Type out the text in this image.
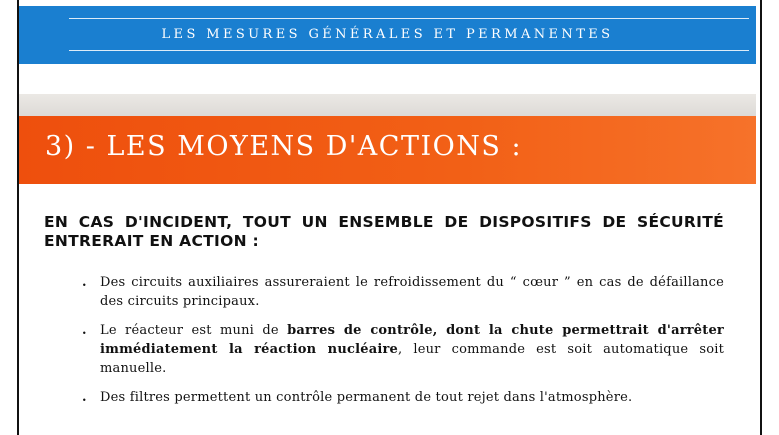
LES MESURES GÉNÉRALES ET PERMANENTES
3) - LES MOYENS D'ACTIONS :

EN CAS D'INCIDENT, TOUT UN ENSEMBLE DE DISPOSITIFS DE SÉCURITÉ ENTRERAIT EN ACTION :

. Des circuits auxiliaires assureraient le refroidissement du “ cœur ” en cas de défaillance des circuits principaux.
. Le réacteur est muni de barres de contrôle, dont la chute permettrait d'arrêter immédiatement la réaction nucléaire, leur commande est soit automatique soit manuelle.
. Des filtres permettent un contrôle permanent de tout rejet dans l'atmosphère.
